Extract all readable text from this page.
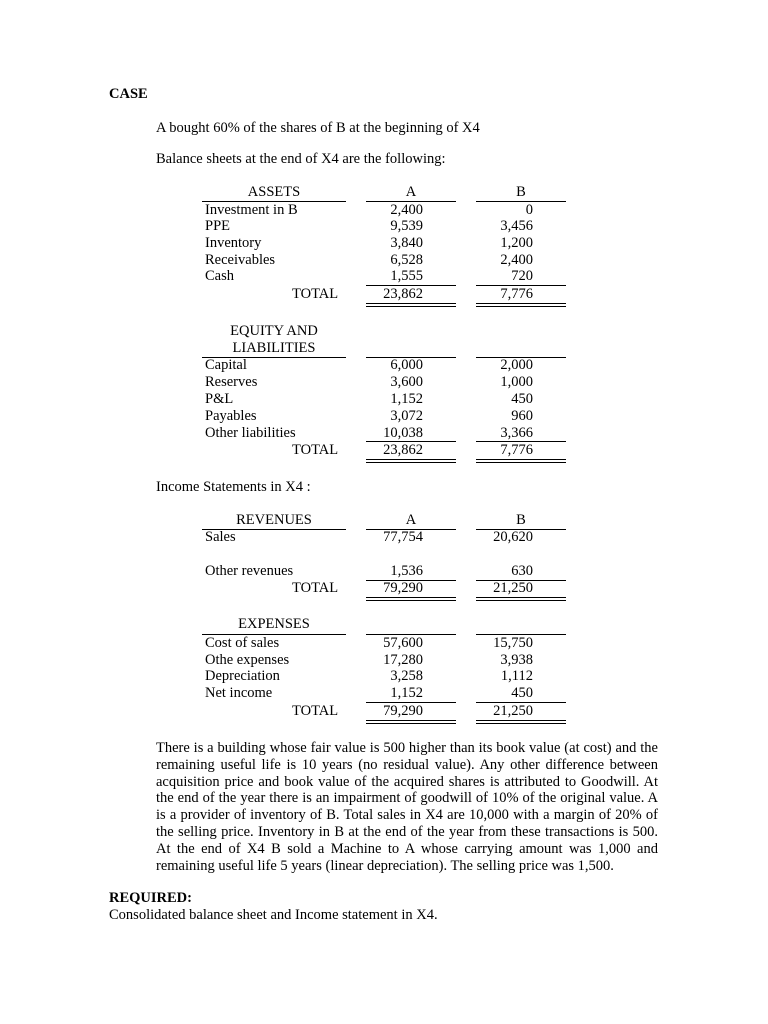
CASE
A bought 60% of the shares of B at the beginning of X4
Balance sheets at the end of X4 are the following:
ASSETS	A	B
Investment in B	2,400	0
PPE	9,539	3,456
Inventory	3,840	1,200
Receivables	6,528	2,400
Cash	1,555	720
TOTAL	23,862	7,776
EQUITY AND
LIABILITIES
Capital	6,000	2,000
Reserves	3,600	1,000
P&L	1,152	450
Payables	3,072	960
Other liabilities	10,038	3,366
TOTAL	23,862	7,776
Income Statements in X4 :
REVENUES	A	B
Sales	77,754	20,620
Other revenues	1,536	630
TOTAL	79,290	21,250
EXPENSES
Cost of sales	57,600	15,750
Othe expenses	17,280	3,938
Depreciation	3,258	1,112
Net income	1,152	450
TOTAL	79,290	21,250
There is a building whose fair value is 500 higher than its book value (at cost) and the remaining useful life is 10 years (no residual value). Any other difference between acquisition price and book value of the acquired shares is attributed to Goodwill. At the end of the year there is an impairment of goodwill of 10% of the original value. A is a provider of inventory of B. Total sales in X4 are 10,000 with a margin of 20% of the selling price. Inventory in B at the end of the year from these transactions is 500. At the end of X4 B sold a Machine to A whose carrying amount was 1,000 and remaining useful life 5 years (linear depreciation). The selling price was 1,500.
REQUIRED:
Consolidated balance sheet and Income statement in X4.
